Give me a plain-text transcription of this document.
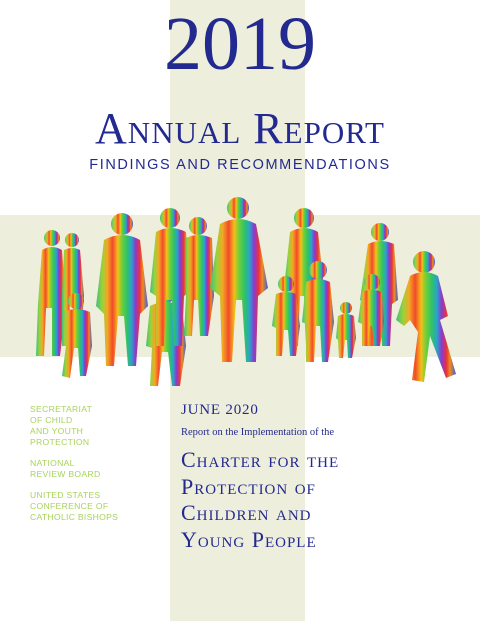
2019
Annual Report
FINDINGS AND RECOMMENDATIONS
SECRETARIAT
OF CHILD
AND YOUTH
PROTECTION
NATIONAL
REVIEW BOARD
UNITED STATES
CONFERENCE OF
CATHOLIC BISHOPS
JUNE 2020
Report on the Implementation of the
Charter for the
Protection of
Children and
Young People
